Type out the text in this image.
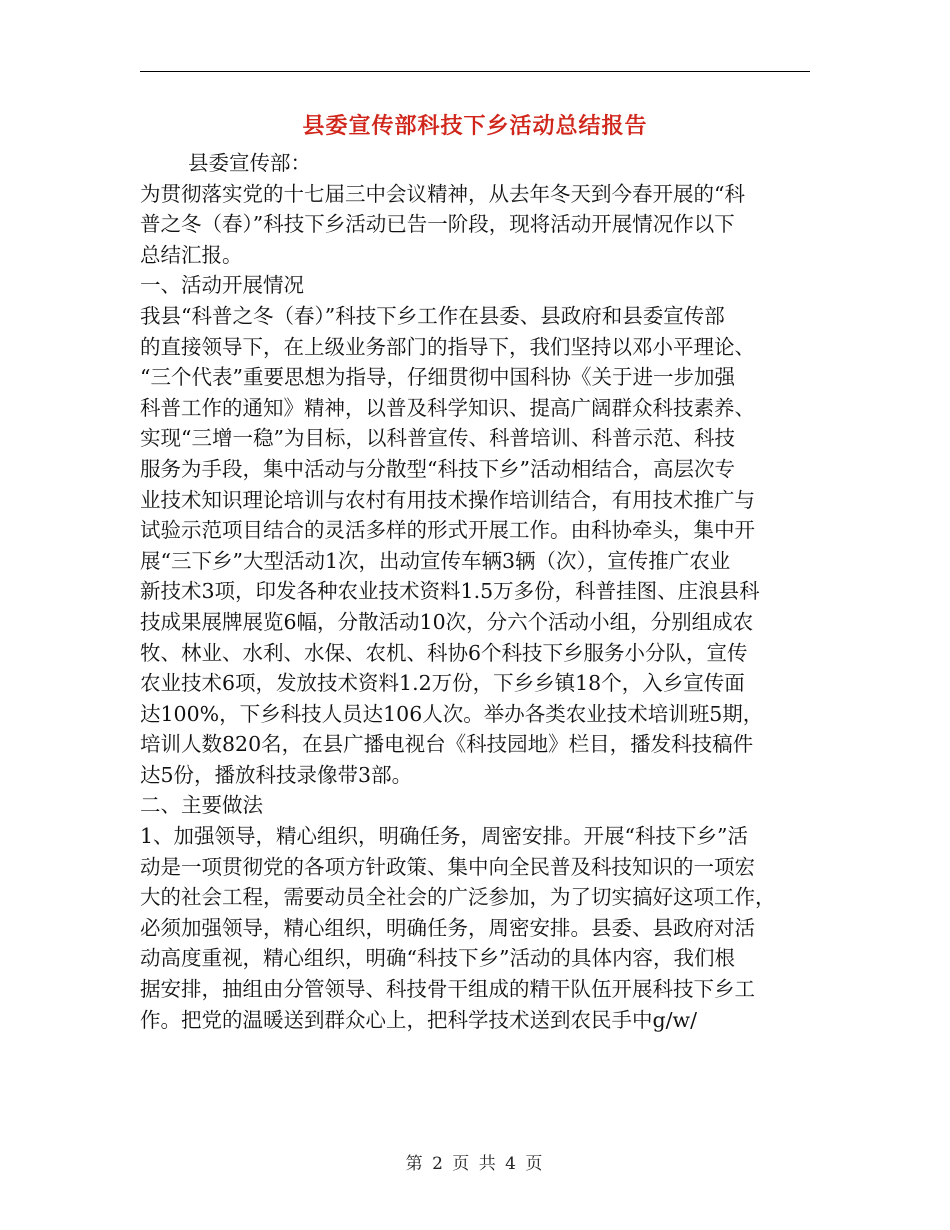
县委宣传部科技下乡活动总结报告
县委宣传部：
为贯彻落实党的十七届三中会议精神，从去年冬天到今春开展的“科
普之冬（春）”科技下乡活动已告一阶段，现将活动开展情况作以下
总结汇报。
一、活动开展情况
我县“科普之冬（春）”科技下乡工作在县委、县政府和县委宣传部
的直接领导下，在上级业务部门的指导下，我们坚持以邓小平理论、
“三个代表”重要思想为指导，仔细贯彻中国科协《关于进一步加强
科普工作的通知》精神，以普及科学知识、提高广阔群众科技素养、
实现“三增一稳”为目标，以科普宣传、科普培训、科普示范、科技
服务为手段，集中活动与分散型“科技下乡”活动相结合，高层次专
业技术知识理论培训与农村有用技术操作培训结合，有用技术推广与
试验示范项目结合的灵活多样的形式开展工作。由科协牵头，集中开
展“三下乡”大型活动1次，出动宣传车辆3辆（次），宣传推广农业
新技术3项，印发各种农业技术资料1.5万多份，科普挂图、庄浪县科
技成果展牌展览6幅，分散活动10次，分六个活动小组，分别组成农
牧、林业、水利、水保、农机、科协6个科技下乡服务小分队，宣传
农业技术6项，发放技术资料1.2万份，下乡乡镇18个，入乡宣传面
达100%，下乡科技人员达106人次。举办各类农业技术培训班5期，
培训人数820名，在县广播电视台《科技园地》栏目，播发科技稿件
达5份，播放科技录像带3部。
二、主要做法
1、加强领导，精心组织，明确任务，周密安排。开展“科技下乡”活
动是一项贯彻党的各项方针政策、集中向全民普及科技知识的一项宏
大的社会工程，需要动员全社会的广泛参加，为了切实搞好这项工作，
必须加强领导，精心组织，明确任务，周密安排。县委、县政府对活
动高度重视，精心组织，明确“科技下乡”活动的具体内容，我们根
据安排，抽组由分管领导、科技骨干组成的精干队伍开展科技下乡工
作。把党的温暖送到群众心上，把科学技术送到农民手中g/w/
第 2 页 共 4 页
